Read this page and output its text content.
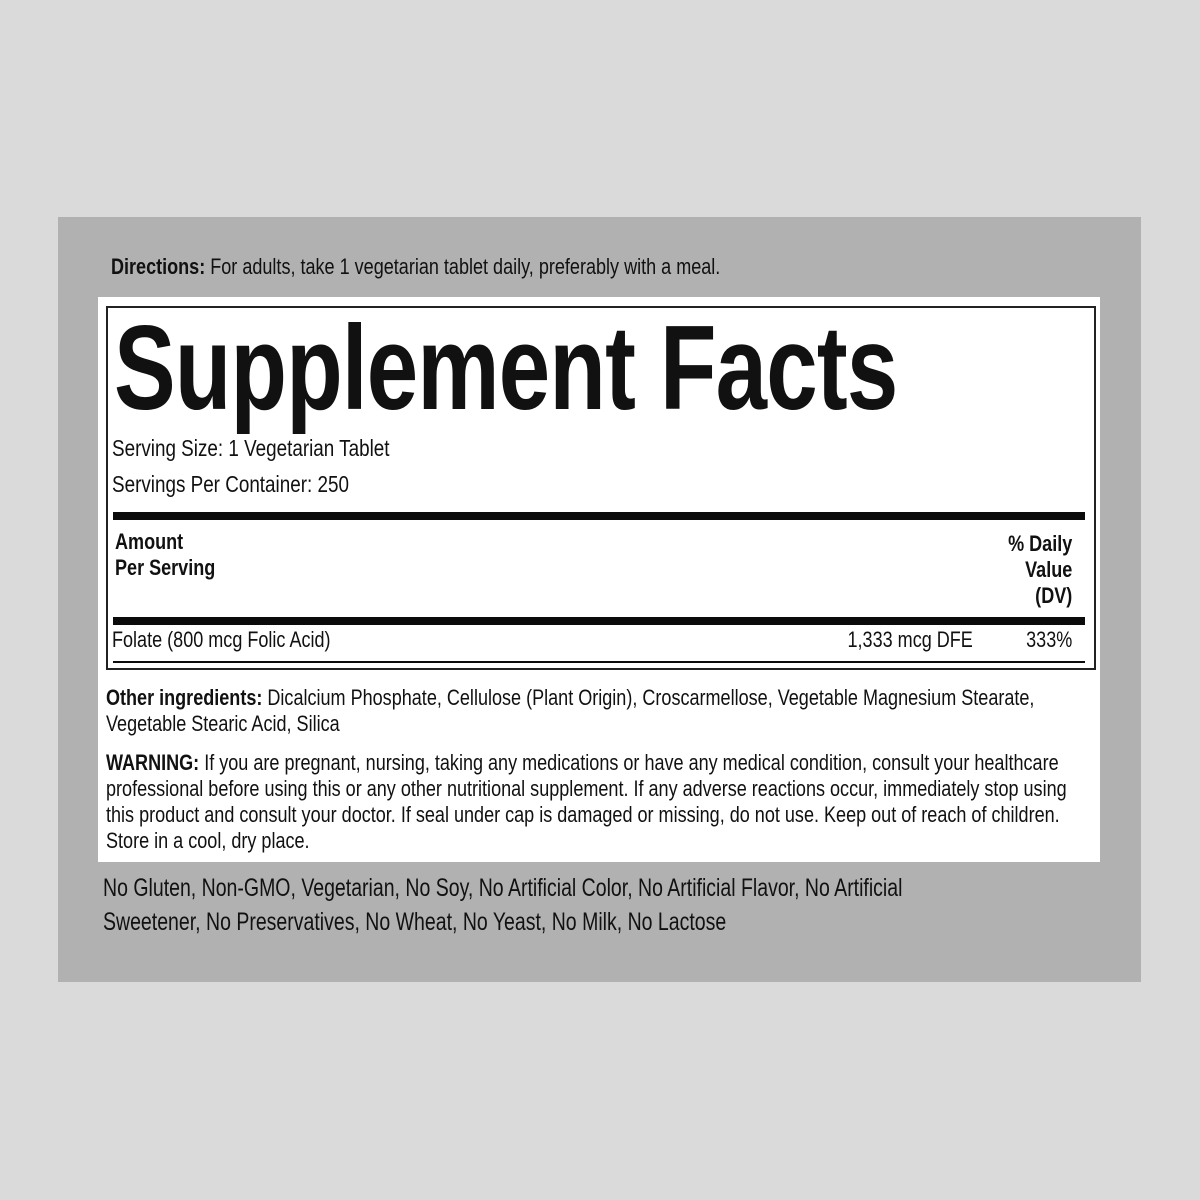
Directions: For adults, take 1 vegetarian tablet daily, preferably with a meal.
Supplement Facts
Serving Size: 1 Vegetarian Tablet
Servings Per Container: 250
Amount
Per Serving
% Daily
Value
(DV)
Folate (800 mcg Folic Acid)	1,333 mcg DFE 333%
Other ingredients: Dicalcium Phosphate, Cellulose (Plant Origin), Croscarmellose, Vegetable Magnesium Stearate,
Vegetable Stearic Acid, Silica
WARNING: If you are pregnant, nursing, taking any medications or have any medical condition, consult your healthcare
professional before using this or any other nutritional supplement. If any adverse reactions occur, immediately stop using
this product and consult your doctor. If seal under cap is damaged or missing, do not use. Keep out of reach of children.
Store in a cool, dry place.
No Gluten, Non-GMO, Vegetarian, No Soy, No Artificial Color, No Artificial Flavor, No Artificial
Sweetener, No Preservatives, No Wheat, No Yeast, No Milk, No Lactose
